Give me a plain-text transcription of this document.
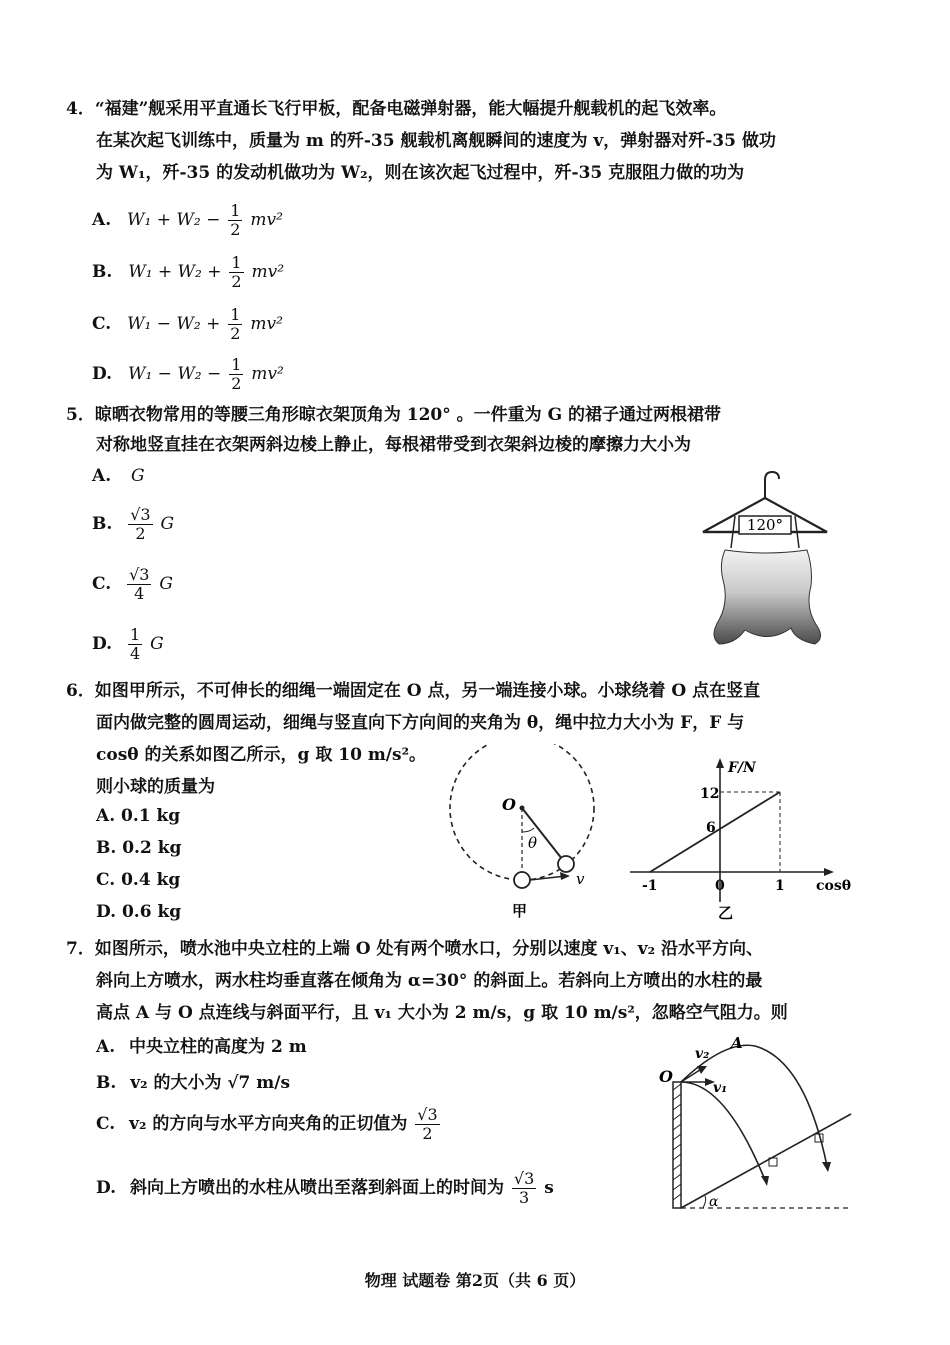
4．“福建”舰采用平直通长飞行甲板，配备电磁弹射器，能大幅提升舰载机的起飞效率。
在某次起飞训练中，质量为 m 的歼-35 舰载机离舰瞬间的速度为 v，弹射器对歼-35 做功
为 W₁，歼-35 的发动机做功为 W₂，则在该次起飞过程中，歼-35 克服阻力做的功为
A. $W_1 + W_2 - \frac{1}{2} mv^2$
B. $W_1 + W_2 + \frac{1}{2} mv^2$
C. $W_1 - W_2 + \frac{1}{2} mv^2$
D. $W_1 - W_2 - \frac{1}{2} mv^2$
5．晾晒衣物常用的等腰三角形晾衣架顶角为 120° 。一件重为 G 的裙子通过两根裙带
对称地竖直挂在衣架两斜边棱上静止，每根裙带受到衣架斜边棱的摩擦力大小为
A. G
B. $\frac{√3}{2}$ G
C. $\frac{√3}{4}$ G
D. $\frac{1}{4}$ G
120°
6．如图甲所示，不可伸长的细绳一端固定在 O 点，另一端连接小球。小球绕着 O 点在竖直
面内做完整的圆周运动，细绳与竖直向下方向间的夹角为 θ，绳中拉力大小为 F，F 与
cosθ 的关系如图乙所示，g 取 10 m/s²。
则小球的质量为
A. 0.1 kg
B. 0.2 kg
C. 0.4 kg
D. 0.6 kg
O
θ
v
甲
F/N
cosθ
12
6
-1	0	1
乙
7．如图所示，喷水池中央立柱的上端 O 处有两个喷水口，分别以速度 v₁、v₂ 沿水平方向、
斜向上方喷水，两水柱均垂直落在倾角为 α=30° 的斜面上。若斜向上方喷出的水柱的最
高点 A 与 O 点连线与斜面平行，且 v₁ 大小为 2 m/s，g 取 10 m/s²，忽略空气阻力。则
A. 中央立柱的高度为 2 m
B. v₂ 的大小为 √7 m/s
C. v₂ 的方向与水平方向夹角的正切值为 $\frac{√3}{2}$
D. 斜向上方喷出的水柱从喷出至落到斜面上的时间为 $\frac{√3}{3}$ s
α
O
v₂
v₁
A
物理 试题卷 第2页（共 6 页）
